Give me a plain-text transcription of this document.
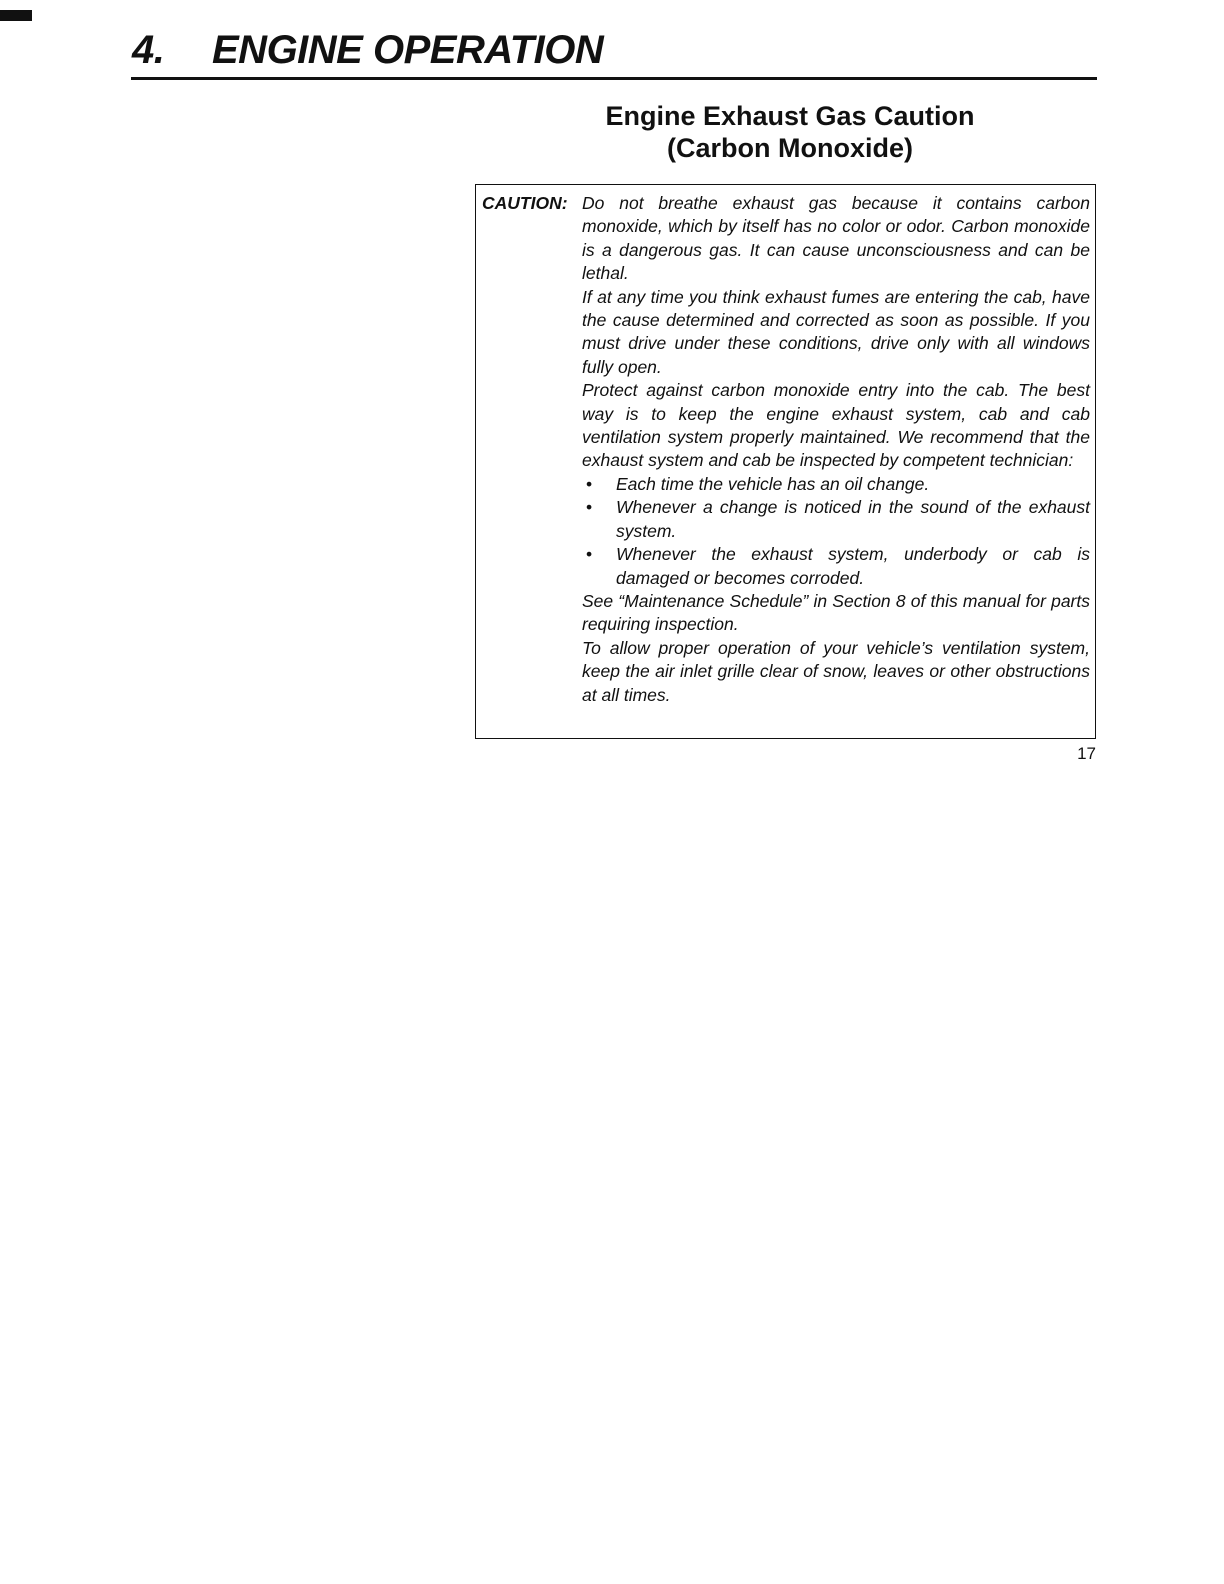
4. ENGINE OPERATION
Engine Exhaust Gas Caution
(Carbon Monoxide)
CAUTION: Do not breathe exhaust gas because it contains carbon monoxide, which by itself has no color or odor. Carbon monoxide is a dangerous gas. It can cause unconsciousness and can be lethal.

If at any time you think exhaust fumes are entering the cab, have the cause determined and corrected as soon as possible. If you must drive under these conditions, drive only with all windows fully open.

Protect against carbon monoxide entry into the cab. The best way is to keep the engine exhaust system, cab and cab ventilation system properly maintained. We recommend that the exhaust system and cab be inspected by competent technician:

• Each time the vehicle has an oil change.
• Whenever a change is noticed in the sound of the exhaust system.
• Whenever the exhaust system, underbody or cab is damaged or becomes corroded.

See “Maintenance Schedule” in Section 8 of this manual for parts requiring inspection.

To allow proper operation of your vehicle’s ventilation system, keep the air inlet grille clear of snow, leaves or other obstructions at all times.

17
